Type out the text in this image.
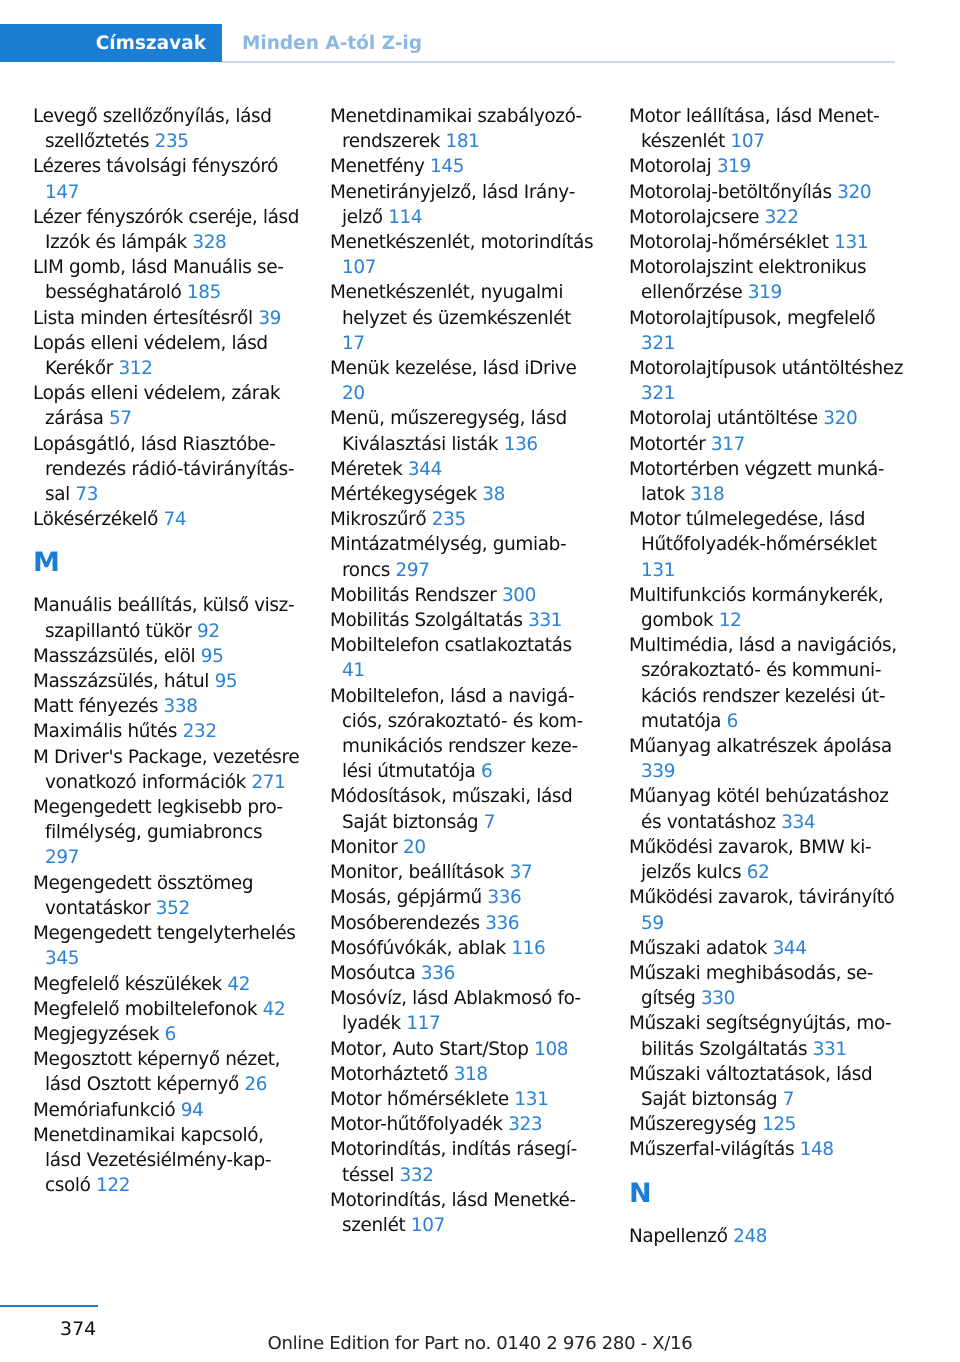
Címszavak	Minden A-tól Z-ig
Levegő szellőzőnyílás, lásd szellőztetés 235
Lézeres távolsági fényszóró 147
Lézer fényszórók cseréje, lásd Izzók és lámpák 328
LIM gomb, lásd Manuális sebességhatároló 185
Lista minden értesítésről 39
Lopás elleni védelem, lásd Kerékőr 312
Lopás elleni védelem, zárak zárása 57
Lopásgátló, lásd Riasztóberendezés rádió-távirányítással 73
Lökésérzékelő 74
M
Manuális beállítás, külső viszszapillantó tükör 92
Masszázsülés, elöl 95
Masszázsülés, hátul 95
Matt fényezés 338
Maximális hűtés 232
M Driver's Package, vezetésre vonatkozó információk 271
Megengedett legkisebb profilmélység, gumiabroncs 297
Megengedett össztömeg vontatáskor 352
Megengedett tengelyterhelés 345
Megfelelő készülékek 42
Megfelelő mobiltelefonok 42
Megjegyzések 6
Megosztott képernyő nézet, lásd Osztott képernyő 26
Memóriafunkció 94
Menetdinamikai kapcsoló, lásd Vezetésiélmény-kapcsoló 122
Menetdinamikai szabályozórendszerek 181
Menetfény 145
Menetirányjelző, lásd Irányjelző 114
Menetkészenlét, motorindítás 107
Menetkészenlét, nyugalmi helyzet és üzemkészenlét 17
Menük kezelése, lásd iDrive 20
Menü, műszeregység, lásd Kiválasztási listák 136
Méretek 344
Mértékegységek 38
Mikroszűrő 235
Mintázatmélység, gumiabroncs 297
Mobilitás Rendszer 300
Mobilitás Szolgáltatás 331
Mobiltelefon csatlakoztatás 41
Mobiltelefon, lásd a navigációs, szórakoztató- és kommunikációs rendszer kezelési útmutatója 6
Módosítások, műszaki, lásd Saját biztonság 7
Monitor 20
Monitor, beállítások 37
Mosás, gépjármű 336
Mosóberendezés 336
Mosófúvókák, ablak 116
Mosóutca 336
Mosóvíz, lásd Ablakmosó folyadék 117
Motor, Auto Start/Stop 108
Motorháztető 318
Motor hőmérséklete 131
Motor-hűtőfolyadék 323
Motorindítás, indítás rásegítéssel 332
Motorindítás, lásd Menetkészenlét 107
Motor leállítása, lásd Menetkészenlét 107
Motorolaj 319
Motorolaj-betöltőnyílás 320
Motorolajcsere 322
Motorolaj-hőmérséklet 131
Motorolajszint elektronikus ellenőrzése 319
Motorolajtípusok, megfelelő 321
Motorolajtípusok utántöltéshez 321
Motorolaj utántöltése 320
Motortér 317
Motortérben végzett munkálatok 318
Motor túlmelegedése, lásd Hűtőfolyadék-hőmérséklet 131
Multifunkciós kormánykerék, gombok 12
Multimédia, lásd a navigációs, szórakoztató- és kommunikációs rendszer kezelési útmutatója 6
Műanyag alkatrészek ápolása 339
Műanyag kötél behúzatáshoz és vontatáshoz 334
Működési zavarok, BMW kijelzős kulcs 62
Működési zavarok, távirányító 59
Műszaki adatok 344
Műszaki meghibásodás, segítség 330
Műszaki segítségnyújtás, mobilitás Szolgáltatás 331
Műszaki változtatások, lásd Saját biztonság 7
Műszeregység 125
Műszerfal-világítás 148
N
Napellenző 248
374
Online Edition for Part no. 0140 2 976 280 - X/16
